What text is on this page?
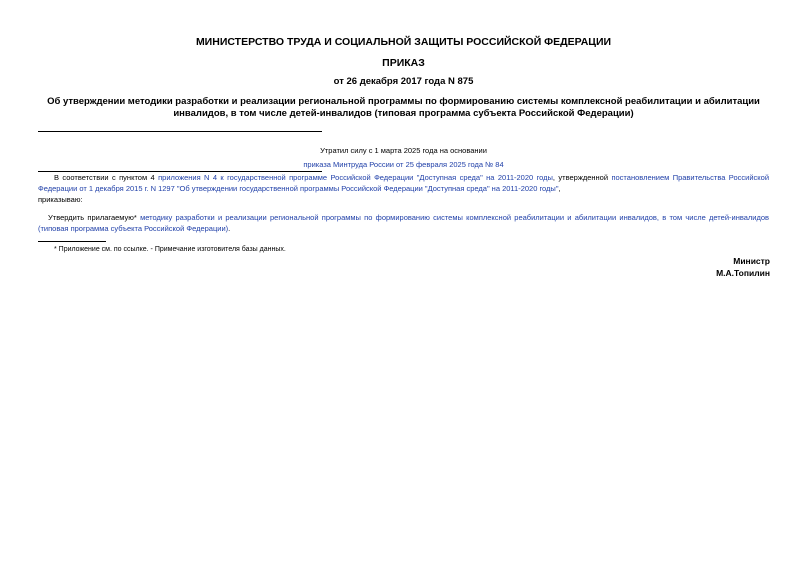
МИНИСТЕРСТВО ТРУДА И СОЦИАЛЬНОЙ ЗАЩИТЫ РОССИЙСКОЙ ФЕДЕРАЦИИ
ПРИКАЗ
от 26 декабря 2017 года N 875
Об утверждении методики разработки и реализации региональной программы по формированию системы комплексной реабилитации и абилитации инвалидов, в том числе детей-инвалидов (типовая программа субъекта Российской Федерации)
Утратил силу с 1 марта 2025 года на основании
приказа Минтруда России от 25 февраля 2025 года № 84
В соответствии с пунктом 4 приложения N 4 к государственной программе Российской Федерации "Доступная среда" на 2011-2020 годы, утвержденной постановлением Правительства Российской Федерации от 1 декабря 2015 г. N 1297 "Об утверждении государственной программы Российской Федерации "Доступная среда" на 2011-2020 годы",
приказываю:
Утвердить прилагаемую* методику разработки и реализации региональной программы по формированию системы комплексной реабилитации и абилитации инвалидов, в том числе детей-инвалидов (типовая программа субъекта Российской Федерации).
* Приложение см. по ссылке. - Примечание изготовителя базы данных.
Министр
М.А.Топилин
